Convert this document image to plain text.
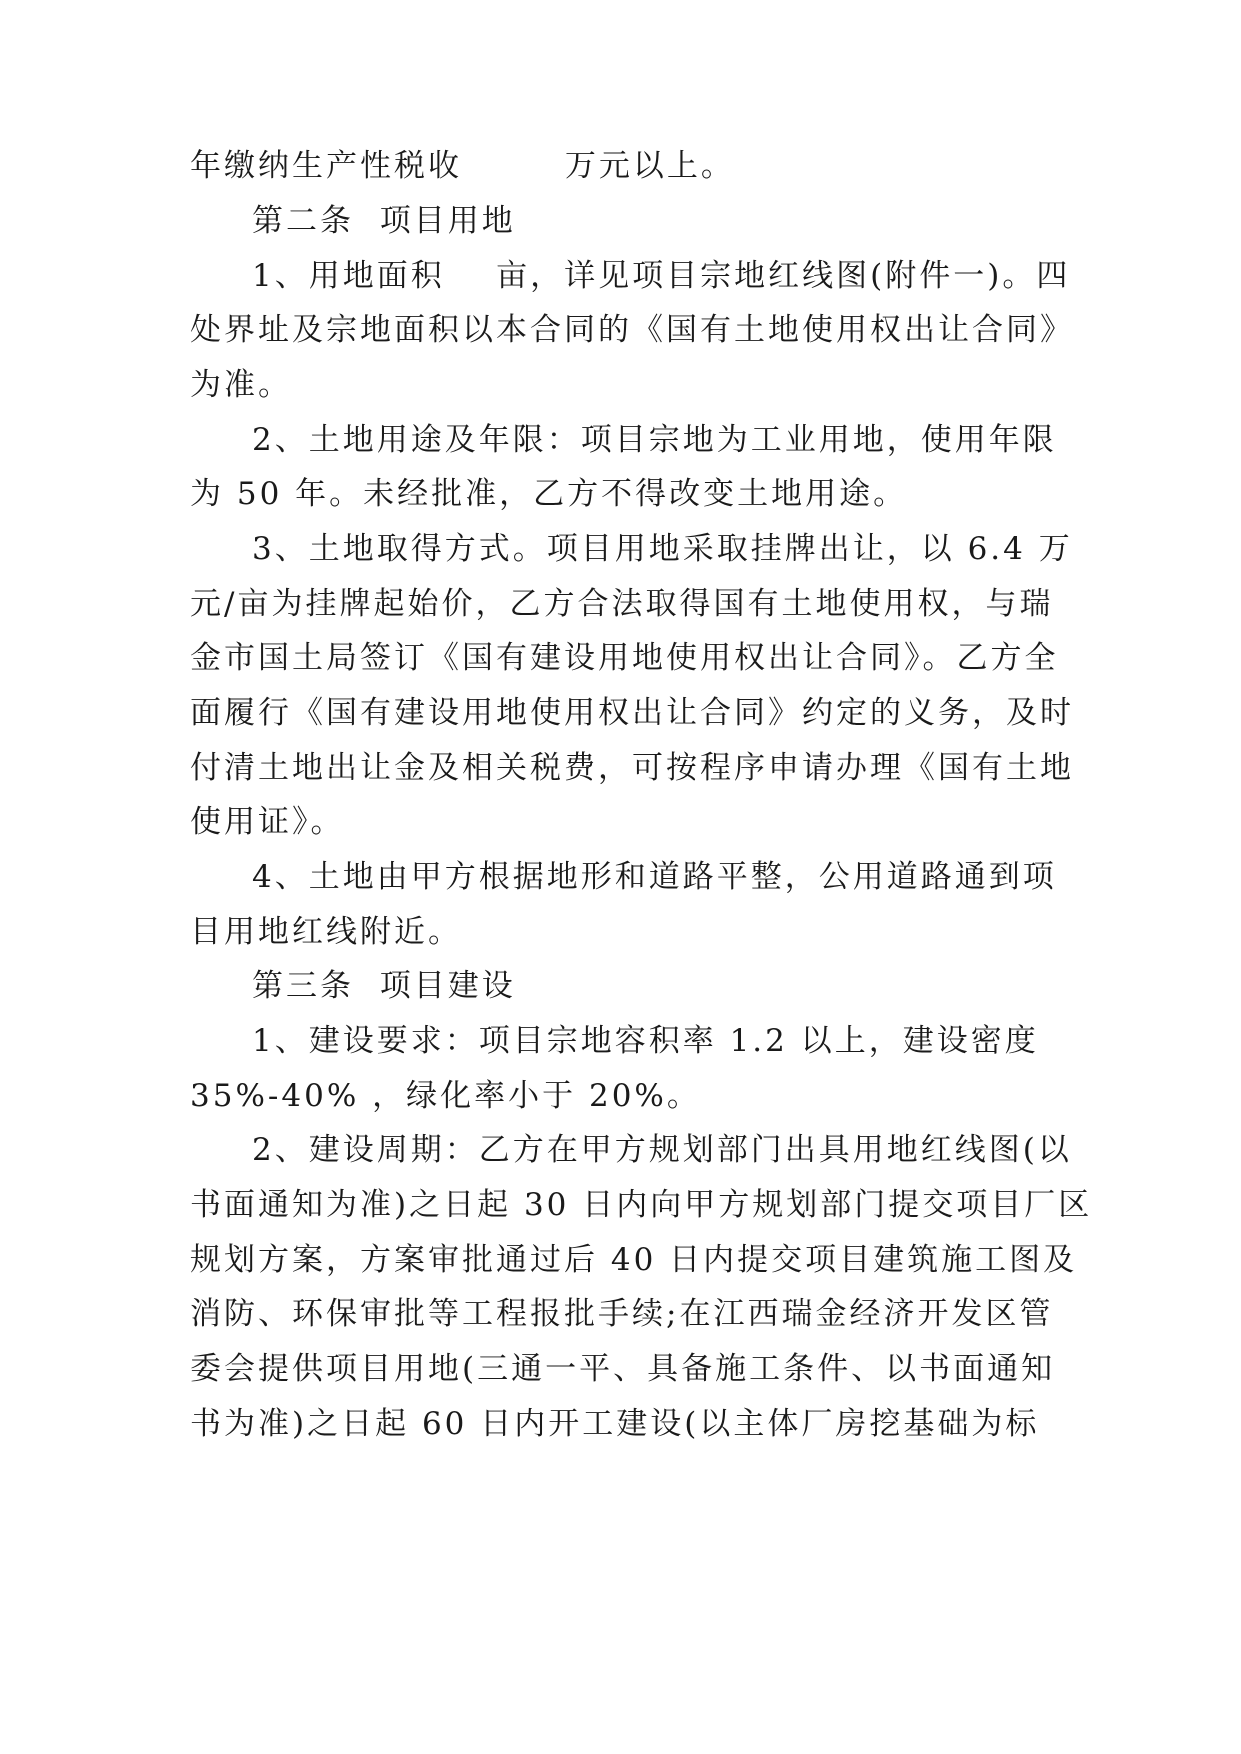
年缴纳生产性税收        万元以上。
第二条  项目用地
1、用地面积    亩，详见项目宗地红线图(附件一)。四
处界址及宗地面积以本合同的《国有土地使用权出让合同》
为准。
2、土地用途及年限：项目宗地为工业用地，使用年限
为 50 年。未经批准，乙方不得改变土地用途。
3、土地取得方式。项目用地采取挂牌出让，以 6.4 万
元/亩为挂牌起始价，乙方合法取得国有土地使用权，与瑞
金市国土局签订《国有建设用地使用权出让合同》。乙方全
面履行《国有建设用地使用权出让合同》约定的义务，及时
付清土地出让金及相关税费，可按程序申请办理《国有土地
使用证》。
4、土地由甲方根据地形和道路平整，公用道路通到项
目用地红线附近。
第三条  项目建设
1、建设要求：项目宗地容积率 1.2 以上，建设密度
35%-40% ，绿化率小于 20%。
2、建设周期：乙方在甲方规划部门出具用地红线图(以
书面通知为准)之日起 30 日内向甲方规划部门提交项目厂区
规划方案，方案审批通过后 40 日内提交项目建筑施工图及
消防、环保审批等工程报批手续;在江西瑞金经济开发区管
委会提供项目用地(三通一平、具备施工条件、以书面通知
书为准)之日起 60 日内开工建设(以主体厂房挖基础为标
